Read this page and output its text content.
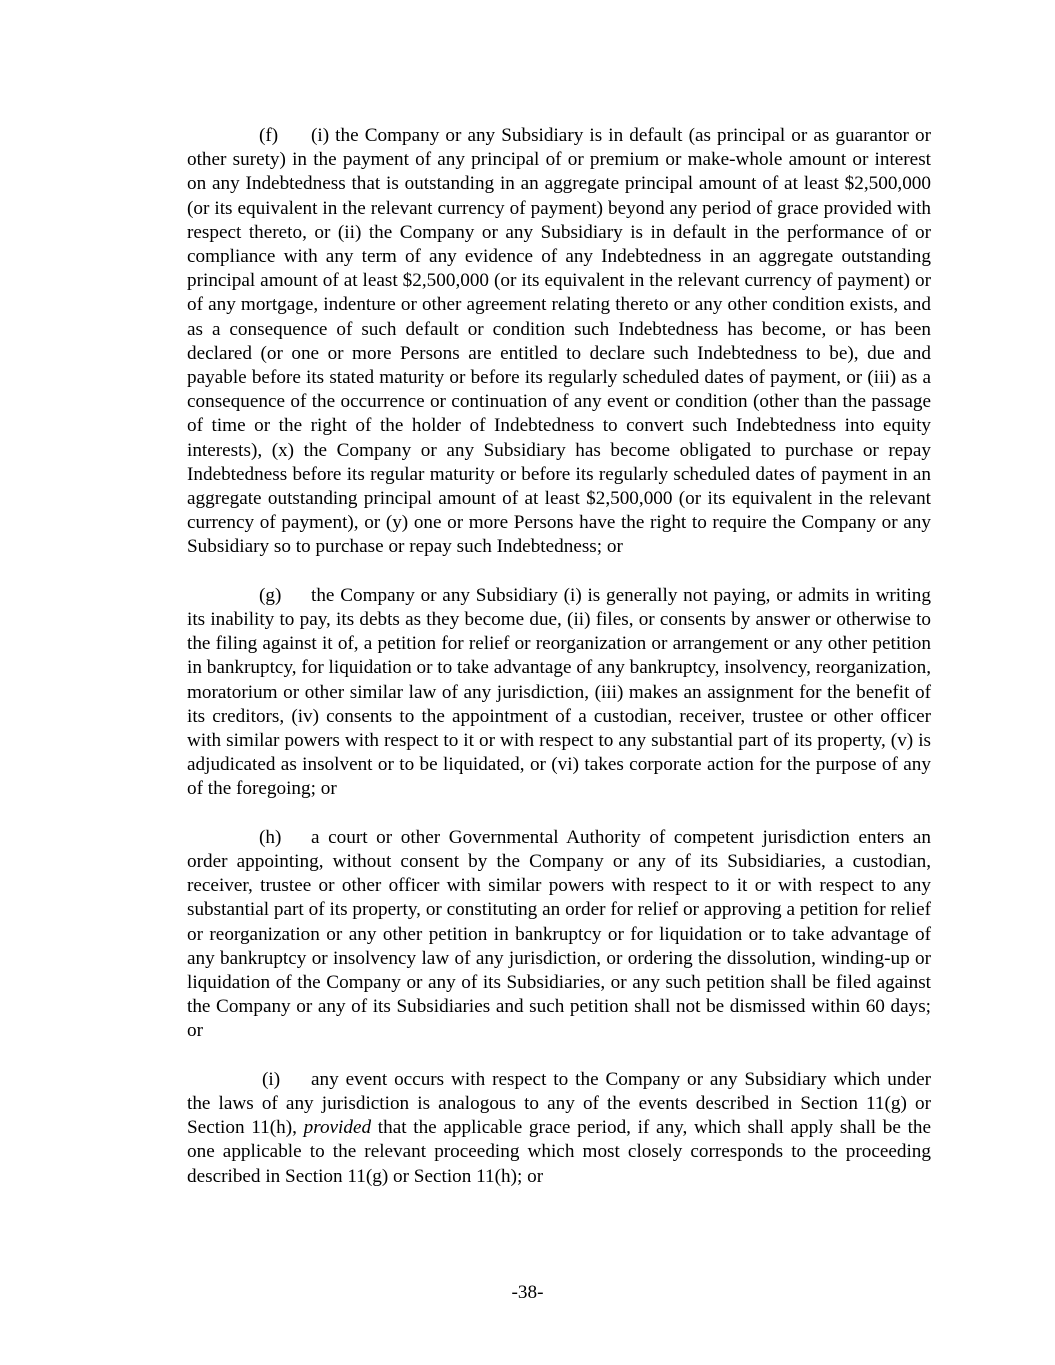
(f) (i) the Company or any Subsidiary is in default (as principal or as guarantor or other surety) in the payment of any principal of or premium or make-whole amount or interest on any Indebtedness that is outstanding in an aggregate principal amount of at least $2,500,000 (or its equivalent in the relevant currency of payment) beyond any period of grace provided with respect thereto, or (ii) the Company or any Subsidiary is in default in the performance of or compliance with any term of any evidence of any Indebtedness in an aggregate outstanding principal amount of at least $2,500,000 (or its equivalent in the relevant currency of payment) or of any mortgage, indenture or other agreement relating thereto or any other condition exists, and as a consequence of such default or condition such Indebtedness has become, or has been declared (or one or more Persons are entitled to declare such Indebtedness to be), due and payable before its stated maturity or before its regularly scheduled dates of payment, or (iii) as a consequence of the occurrence or continuation of any event or condition (other than the passage of time or the right of the holder of Indebtedness to convert such Indebtedness into equity interests), (x) the Company or any Subsidiary has become obligated to purchase or repay Indebtedness before its regular maturity or before its regularly scheduled dates of payment in an aggregate outstanding principal amount of at least $2,500,000 (or its equivalent in the relevant currency of payment), or (y) one or more Persons have the right to require the Company or any Subsidiary so to purchase or repay such Indebtedness; or

(g) the Company or any Subsidiary (i) is generally not paying, or admits in writing its inability to pay, its debts as they become due, (ii) files, or consents by answer or otherwise to the filing against it of, a petition for relief or reorganization or arrangement or any other petition in bankruptcy, for liquidation or to take advantage of any bankruptcy, insolvency, reorganization, moratorium or other similar law of any jurisdiction, (iii) makes an assignment for the benefit of its creditors, (iv) consents to the appointment of a custodian, receiver, trustee or other officer with similar powers with respect to it or with respect to any substantial part of its property, (v) is adjudicated as insolvent or to be liquidated, or (vi) takes corporate action for the purpose of any of the foregoing; or

(h) a court or other Governmental Authority of competent jurisdiction enters an order appointing, without consent by the Company or any of its Subsidiaries, a custodian, receiver, trustee or other officer with similar powers with respect to it or with respect to any substantial part of its property, or constituting an order for relief or approving a petition for relief or reorganization or any other petition in bankruptcy or for liquidation or to take advantage of any bankruptcy or insolvency law of any jurisdiction, or ordering the dissolution, winding-up or liquidation of the Company or any of its Subsidiaries, or any such petition shall be filed against the Company or any of its Subsidiaries and such petition shall not be dismissed within 60 days; or

(i) any event occurs with respect to the Company or any Subsidiary which under the laws of any jurisdiction is analogous to any of the events described in Section 11(g) or Section 11(h), provided that the applicable grace period, if any, which shall apply shall be the one applicable to the relevant proceeding which most closely corresponds to the proceeding described in Section 11(g) or Section 11(h); or

-38-
